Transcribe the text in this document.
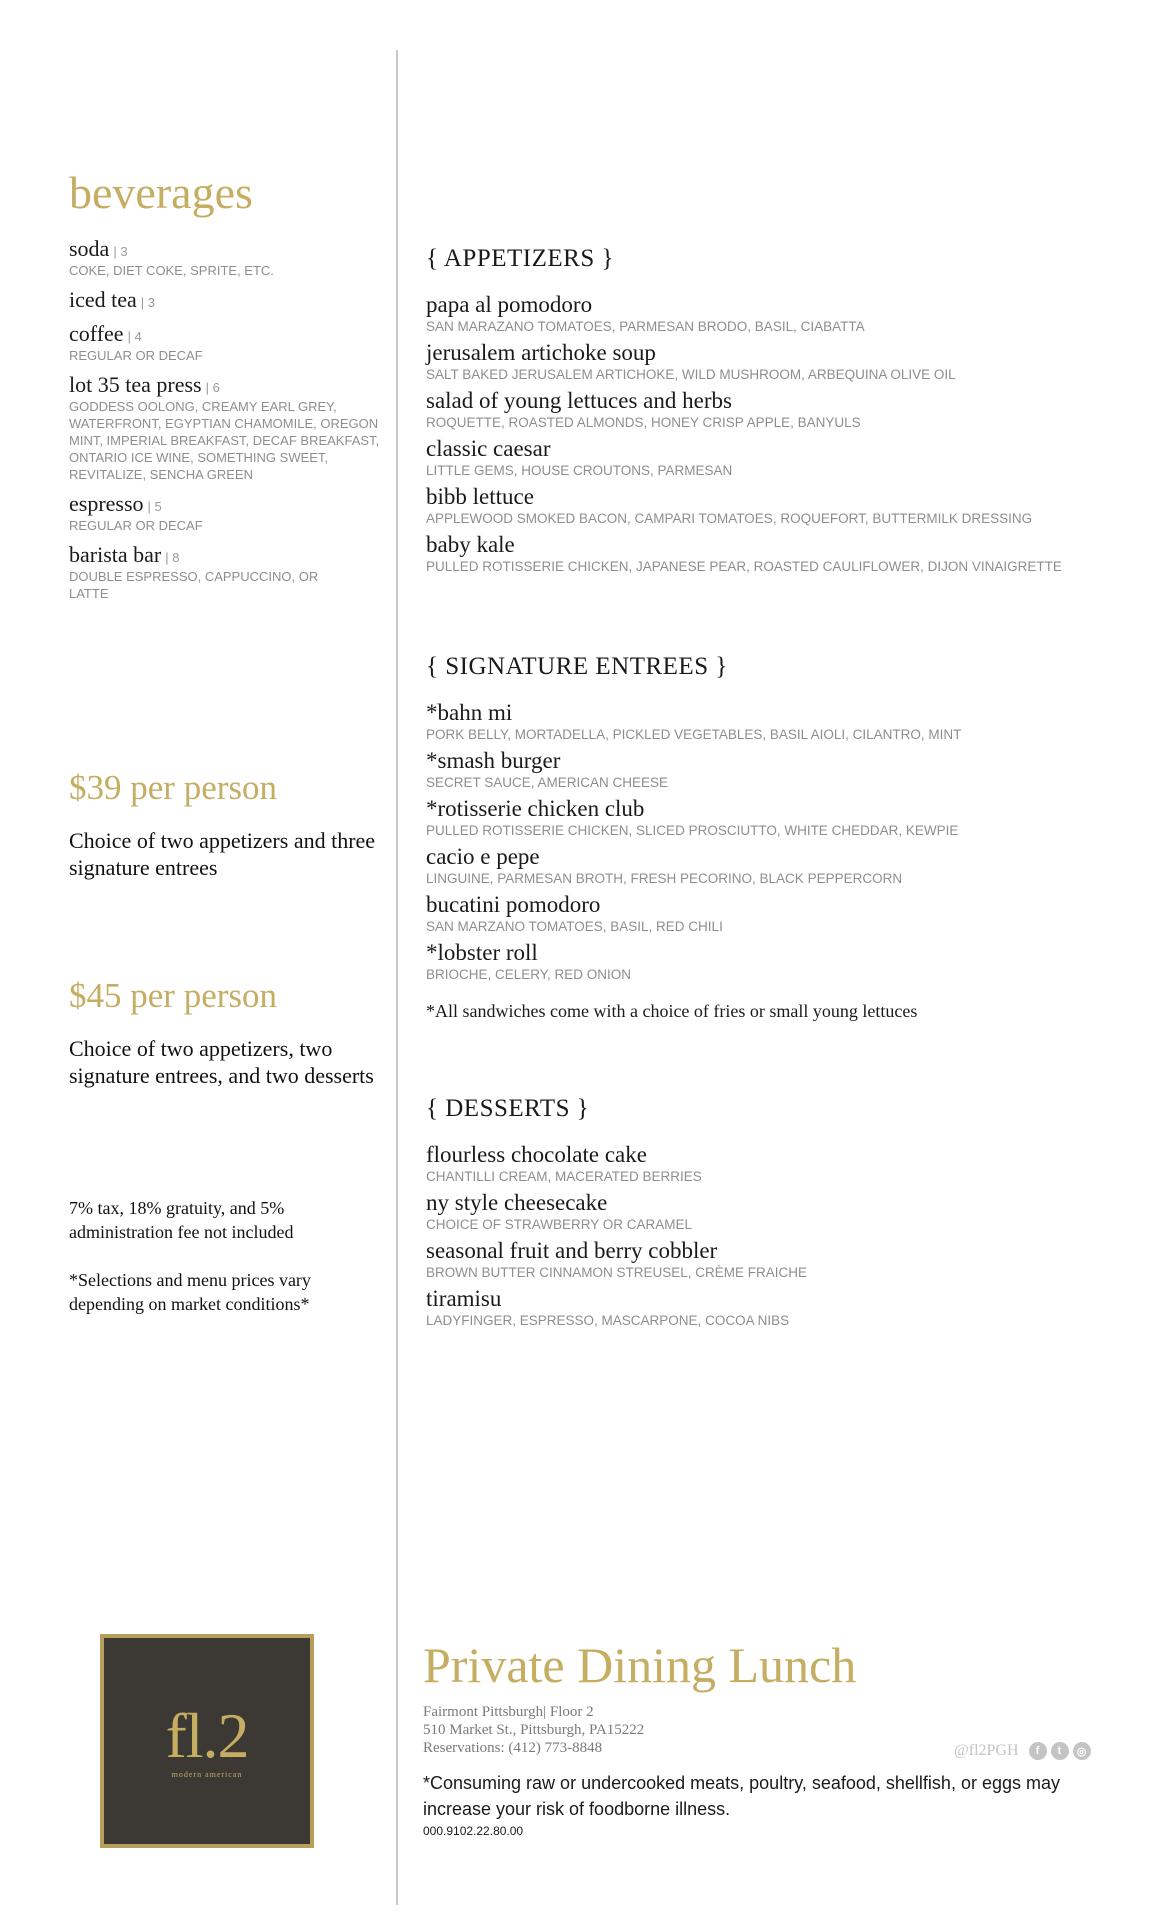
beverages
soda | 3
COKE, DIET COKE, SPRITE, ETC.
iced tea | 3
coffee | 4
REGULAR OR DECAF
lot 35 tea press | 6
GODDESS OOLONG, CREAMY EARL GREY, WATERFRONT, EGYPTIAN CHAMOMILE, OREGON MINT, IMPERIAL BREAKFAST, DECAF BREAKFAST, ONTARIO ICE WINE, SOMETHING SWEET, REVITALIZE, SENCHA GREEN
espresso | 5
REGULAR OR DECAF
barista bar | 8
DOUBLE ESPRESSO, CAPPUCCINO, OR LATTE
$39 per person
Choice of two appetizers and three signature entrees
$45 per person
Choice of two appetizers, two signature entrees, and two desserts
7% tax, 18% gratuity, and 5% administration fee not included
*Selections and menu prices vary depending on market conditions*
{ APPETIZERS }
papa al pomodoro
SAN MARAZANO TOMATOES, PARMESAN BRODO, BASIL, CIABATTA
jerusalem artichoke soup
SALT BAKED JERUSALEM ARTICHOKE, WILD MUSHROOM, ARBEQUINA OLIVE OIL
salad of young lettuces and herbs
ROQUETTE, ROASTED ALMONDS, HONEY CRISP APPLE, BANYULS
classic caesar
LITTLE GEMS, HOUSE CROUTONS, PARMESAN
bibb lettuce
APPLEWOOD SMOKED BACON, CAMPARI TOMATOES, ROQUEFORT, BUTTERMILK DRESSING
baby kale
PULLED ROTISSERIE CHICKEN, JAPANESE PEAR, ROASTED CAULIFLOWER, DIJON VINAIGRETTE
{ SIGNATURE ENTREES }
*bahn mi
PORK BELLY, MORTADELLA, PICKLED VEGETABLES, BASIL AIOLI, CILANTRO, MINT
*smash burger
SECRET SAUCE, AMERICAN CHEESE
*rotisserie chicken club
PULLED ROTISSERIE CHICKEN, SLICED PROSCIUTTO, WHITE CHEDDAR, KEWPIE
cacio e pepe
LINGUINE, PARMESAN BROTH, FRESH PECORINO, BLACK PEPPERCORN
bucatini pomodoro
SAN MARZANO TOMATOES, BASIL, RED CHILI
*lobster roll
BRIOCHE, CELERY, RED ONION
*All sandwiches come with a choice of fries or small young lettuces
{ DESSERTS }
flourless chocolate cake
CHANTILLI CREAM, MACERATED BERRIES
ny style cheesecake
CHOICE OF STRAWBERRY OR CARAMEL
seasonal fruit and berry cobbler
BROWN BUTTER CINNAMON STREUSEL, CRÈME FRAICHE
tiramisu
LADYFINGER, ESPRESSO, MASCARPONE, COCOA NIBS
fl.2
modern american
Private Dining Lunch
Fairmont Pittsburgh| Floor 2
510 Market St., Pittsburgh, PA15222
Reservations: (412) 773-8848	@fl2PGH	f	t	◎
*Consuming raw or undercooked meats, poultry, seafood, shellfish, or eggs may increase your risk of foodborne illness.
000.9102.22.80.00
